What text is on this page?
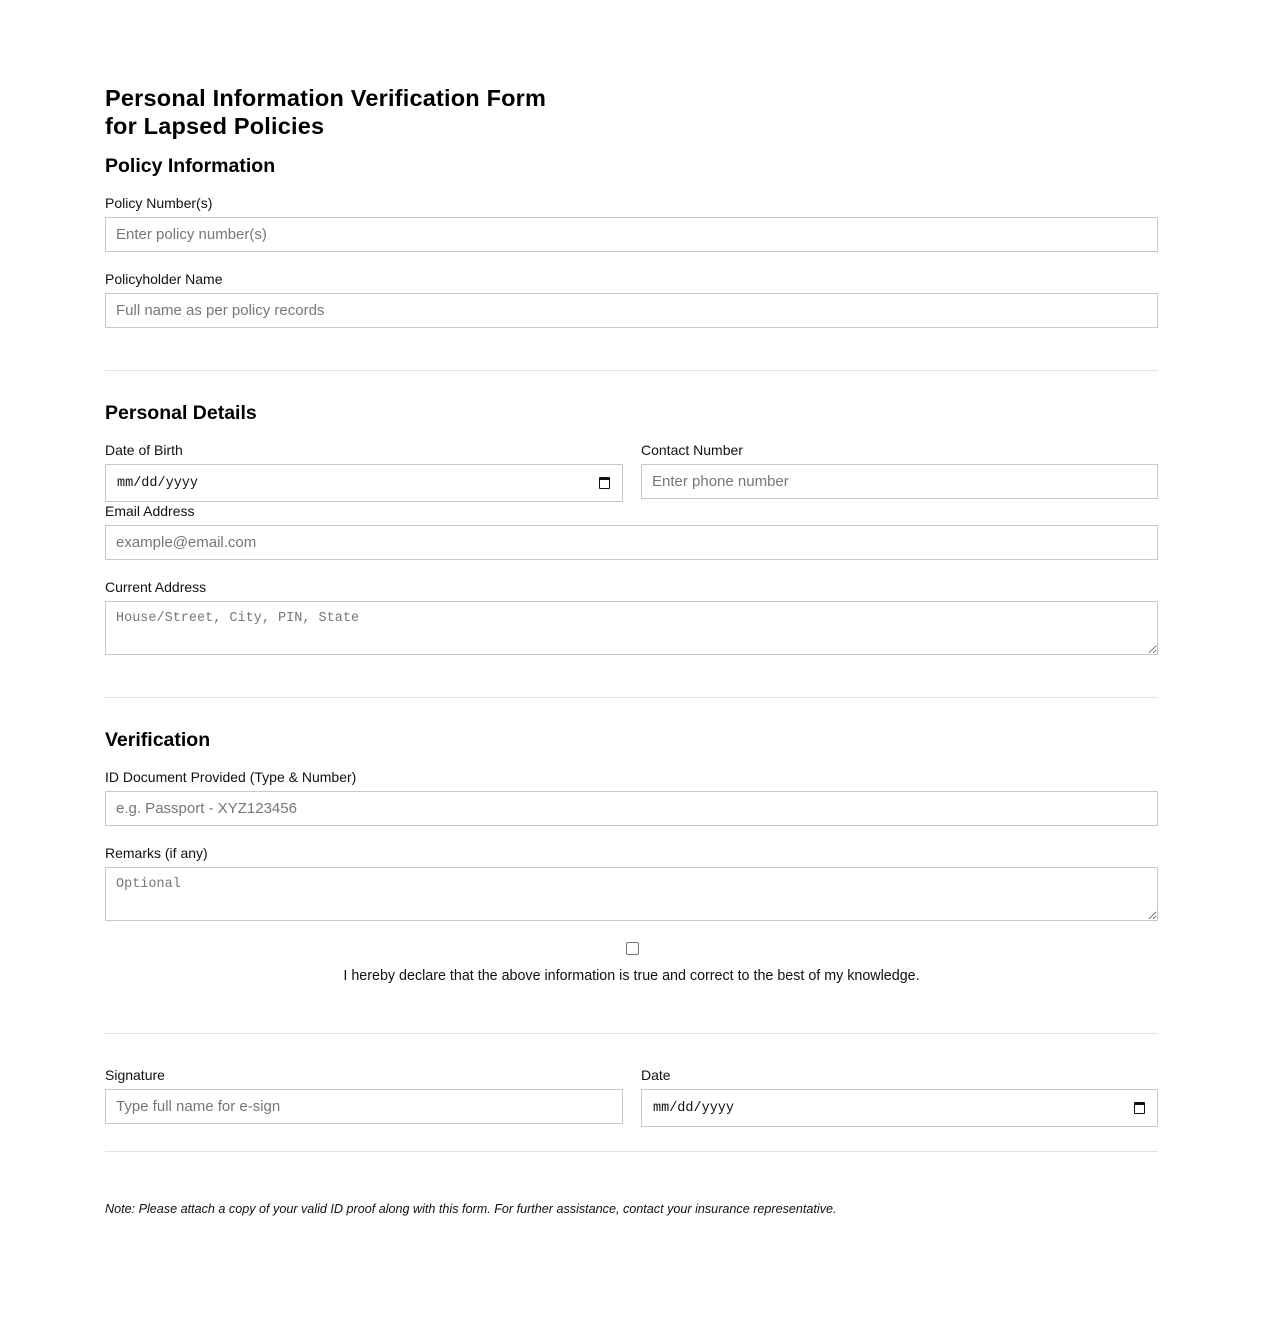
Personal Information Verification Form
for Lapsed Policies
Policy Information
Policy Number(s)
Enter policy number(s)
Policyholder Name
Full name as per policy records
Personal Details
Date of Birth
mm/dd/yyyy
Contact Number
Enter phone number
Email Address
example@email.com
Current Address
House/Street, City, PIN, State
Verification
ID Document Provided (Type & Number)
e.g. Passport - XYZ123456
Remarks (if any)
Optional
I hereby declare that the above information is true and correct to the best of my knowledge.
Signature
Type full name for e-sign	Date
mm/dd/yyyy
Note: Please attach a copy of your valid ID proof along with this form. For further assistance, contact your insurance representative.
